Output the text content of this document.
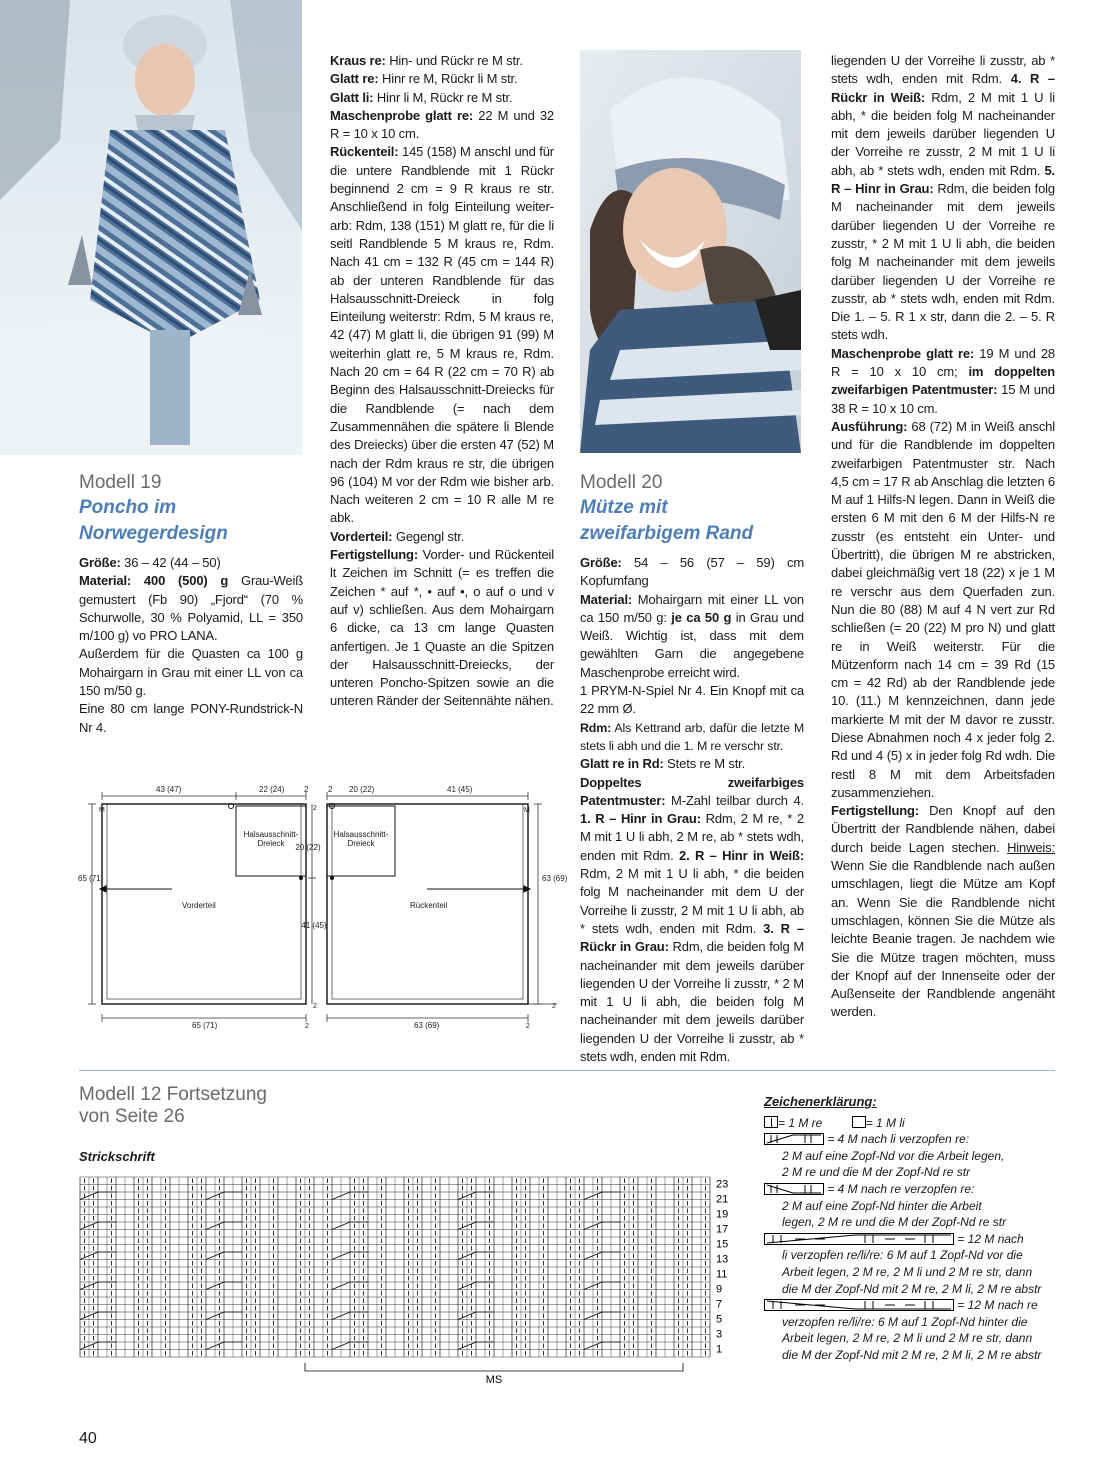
Modell 19
Poncho im
Norwegerdesign

Größe: 36 – 42 (44 – 50)

Material: 400 (500) g Grau-Weiß gemustert (Fb 90) „Fjord“ (70 % Schurwolle, 30 % Polyamid, LL = 350 m/100 g) vo PRO LANA.

Außerdem für die Quasten ca 100 g Mohairgarn in Grau mit einer LL von ca 150 m/50 g.

Eine 80 cm lange PONY-Rundstrick-N Nr 4.

Kraus re: Hin- und Rückr re M str.

Glatt re: Hinr re M, Rückr li M str.

Glatt li: Hinr li M, Rückr re M str.

Maschenprobe glatt re: 22 M und 32 R = 10 x 10 cm.

Rückenteil: 145 (158) M anschl und für die untere Randblende mit 1 Rückr beginnend 2 cm = 9 R kraus re str. Anschließend in folg Einteilung weiter-arb: Rdm, 138 (151) M glatt re, für die li seitl Randblende 5 M kraus re, Rdm. Nach 41 cm = 132 R (45 cm = 144 R) ab der unteren Randblende für das Halsausschnitt-Dreieck in folg Einteilung weiterstr: Rdm, 5 M kraus re, 42 (47) M glatt li, die übrigen 91 (99) M weiterhin glatt re, 5 M kraus re, Rdm. Nach 20 cm = 64 R (22 cm = 70 R) ab Beginn des Halsausschnitt-Dreiecks für die Randblende (= nach dem Zusammennähen die spätere li Blende des Dreiecks) über die ersten 47 (52) M nach der Rdm kraus re str, die übrigen 96 (104) M vor der Rdm wie bisher arb. Nach weiteren 2 cm = 10 R alle M re abk.

Vorderteil: Gegengl str.

Fertigstellung: Vorder- und Rückenteil lt Zeichen im Schnitt (= es treffen die Zeichen * auf *, • auf •, o auf o und v auf v) schließen. Aus dem Mohairgarn 6 dicke, ca 13 cm lange Quasten anfertigen. Je 1 Quaste an die Spitzen der Halsausschnitt-Dreiecks, der unteren Poncho-Spitzen sowie an die unteren Ränder der Seitennähte nähen.

43 (47)	22 (24) 2 2 20 (22)	41 (45)
M	M
2
Halsausschnitt-Dreieck
Halsausschnitt-Dreieck
20 (22)
41 (45)
65 (71)	63 (69)
Vorderteil	Rückenteil
2	2
65 (71)	63 (69)
2	2
Modell 20
Mütze mit
zweifarbigem Rand

Größe: 54 – 56 (57 – 59) cm Kopfumfang

Material: Mohairgarn mit einer LL von ca 150 m/50 g: je ca 50 g in Grau und Weiß. Wichtig ist, dass mit dem gewählten Garn die angegebene Maschenprobe erreicht wird.

1 PRYM-N-Spiel Nr 4. Ein Knopf mit ca 22 mm Ø.

Rdm: Als Kettrand arb, dafür die letzte M stets li abh und die 1. M re verschr str.

Glatt re in Rd: Stets re M str.

Doppeltes zweifarbiges Patentmuster: M-Zahl teilbar durch 4. 1. R – Hinr in Grau: Rdm, 2 M re, * 2 M mit 1 U li abh, 2 M re, ab * stets wdh, enden mit Rdm. 2. R – Hinr in Weiß: Rdm, 2 M mit 1 U li abh, * die beiden folg M nacheinander mit dem U der Vorreihe li zusstr, 2 M mit 1 U li abh, ab * stets wdh, enden mit Rdm. 3. R – Rückr in Grau: Rdm, die beiden folg M nacheinander mit dem jeweils darüber liegenden U der Vorreihe li zusstr, * 2 M mit 1 U li abh, die beiden folg M nacheinander mit dem jeweils darüber liegenden U der Vorreihe li zusstr, ab * stets wdh, enden mit Rdm.

liegenden U der Vorreihe li zusstr, ab * stets wdh, enden mit Rdm. 4. R – Rückr in Weiß: Rdm, 2 M mit 1 U li abh, * die beiden folg M nacheinander mit dem jeweils darüber liegenden U der Vorreihe re zusstr, 2 M mit 1 U li abh, ab * stets wdh, enden mit Rdm. 5. R – Hinr in Grau: Rdm, die beiden folg M nacheinander mit dem jeweils darüber liegenden U der Vorreihe re zusstr, * 2 M mit 1 U li abh, die beiden folg M nacheinander mit dem jeweils darüber liegenden U der Vorreihe re zusstr, ab * stets wdh, enden mit Rdm. Die 1. – 5. R 1 x str, dann die 2. – 5. R stets wdh.

Maschenprobe glatt re: 19 M und 28 R = 10 x 10 cm; im doppelten zweifarbigen Patentmuster: 15 M und 38 R = 10 x 10 cm.

Ausführung: 68 (72) M in Weiß anschl und für die Randblende im doppelten zweifarbigen Patentmuster str. Nach 4,5 cm = 17 R ab Anschlag die letzten 6 M auf 1 Hilfs-N legen. Dann in Weiß die ersten 6 M mit den 6 M der Hilfs-N re zusstr (es entsteht ein Unter- und Übertritt), die übrigen M re abstricken, dabei gleichmäßig vert 18 (22) x je 1 M re verschr aus dem Querfaden zun. Nun die 80 (88) M auf 4 N vert zur Rd schließen (= 20 (22) M pro N) und glatt re in Weiß weiterstr. Für die Mützenform nach 14 cm = 39 Rd (15 cm = 42 Rd) ab der Randblende jede 10. (11.) M kennzeichnen, dann jede markierte M mit der M davor re zusstr. Diese Abnahmen noch 4 x jeder folg 2. Rd und 4 (5) x in jeder folg Rd wdh. Die restl 8 M mit dem Arbeitsfaden zusammenziehen.

Fertigstellung: Den Knopf auf den Übertritt der Randblende nähen, dabei durch beide Lagen stechen. Hinweis: Wenn Sie die Randblende nach außen umschlagen, liegt die Mütze am Kopf an. Wenn Sie die Randblende nicht umschlagen, können Sie die Mütze als leichte Beanie tragen. Je nachdem wie Sie die Mütze tragen möchten, muss der Knopf auf der Innenseite oder der Außenseite der Randblende angenäht werden.

Modell 12 Fortsetzung
von Seite 26
Strickschrift
23
21
19
17
15
13
11
9
7
5
3
1
MS
Zeichenerklärung:
= 1 M re	= 1 M li
= 4 M nach li verzopfen re:
2 M auf eine Zopf-Nd vor die Arbeit legen,
2 M re und die M der Zopf-Nd re str
= 4 M nach re verzopfen re:
2 M auf eine Zopf-Nd hinter die Arbeit
legen, 2 M re und die M der Zopf-Nd re str
= 12 M nach
li verzopfen re/li/re: 6 M auf 1 Zopf-Nd vor die
Arbeit legen, 2 M re, 2 M li und 2 M re str, dann
die M der Zopf-Nd mit 2 M re, 2 M li, 2 M re abstr
= 12 M nach re
verzopfen re/li/re: 6 M auf 1 Zopf-Nd hinter die
Arbeit legen, 2 M re, 2 M li und 2 M re str, dann
die M der Zopf-Nd mit 2 M re, 2 M li, 2 M re abstr
40
